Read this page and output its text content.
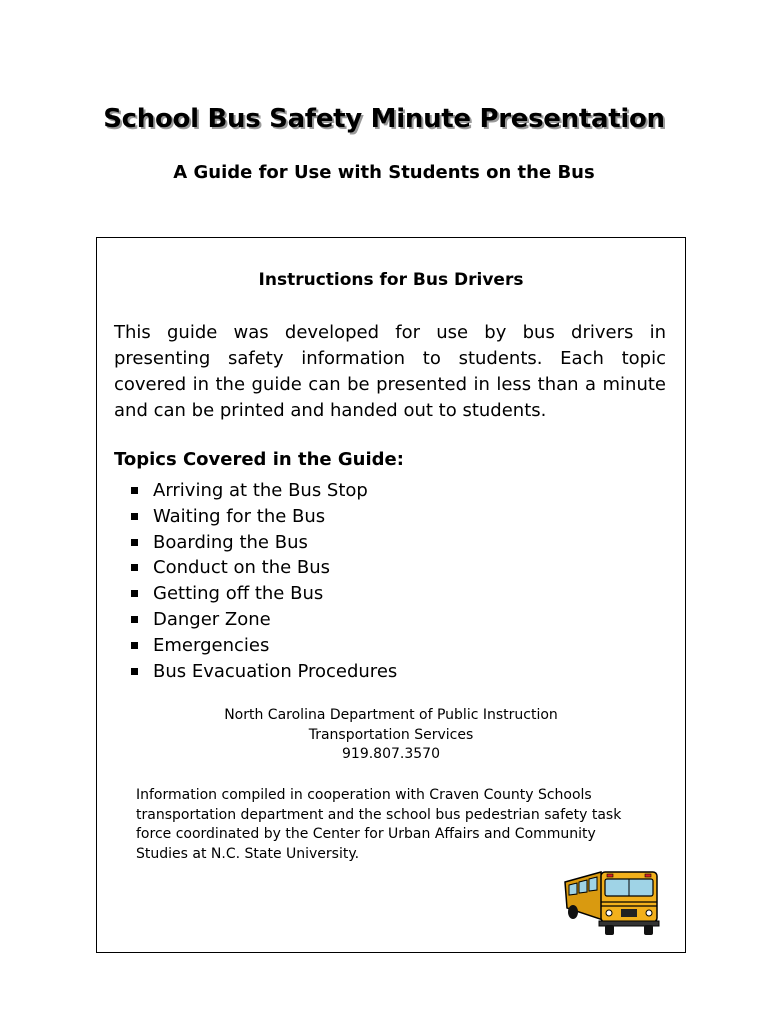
School Bus Safety Minute Presentation
A Guide for Use with Students on the Bus
Instructions for Bus Drivers
This guide was developed for use by bus drivers in presenting safety information to students. Each topic covered in the guide can be presented in less than a minute and can be printed and handed out to students.
Topics Covered in the Guide:
Arriving at the Bus Stop
Waiting for the Bus
Boarding the Bus
Conduct on the Bus
Getting off the Bus
Danger Zone
Emergencies
Bus Evacuation Procedures
North Carolina Department of Public Instruction
Transportation Services
919.807.3570
Information compiled in cooperation with Craven County Schools transportation department and the school bus pedestrian safety task force coordinated by the Center for Urban Affairs and Community Studies at N.C. State University.
